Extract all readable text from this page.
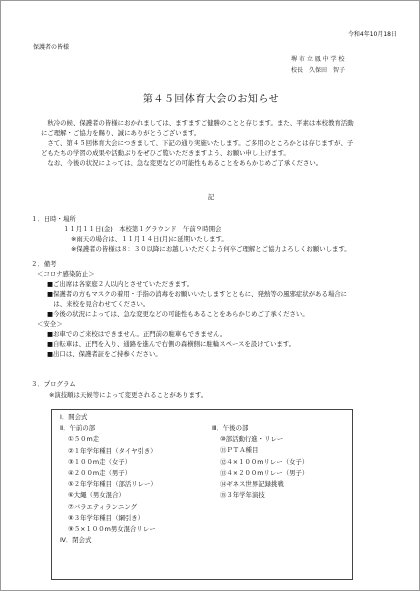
令和4年10月18日
保護者の皆様
堺 市 立 鳳 中 学 校
校長　久保田　智子
第４５回体育大会のお知らせ
　秋冷の候、保護者の皆様におかれましては、ますますご健勝のことと存じます。また、平素は本校教育活動
にご理解・ご協力を賜り、誠にありがとうございます。
　さて、第４５回体育大会につきまして、下記の通り実施いたします。ご多用のところかとは存じますが、子
どもたちの学習の成果や活動ぶりをぜひご覧いただきますよう、お願い申し上げます。
　なお、今後の状況によっては、急な変更などの可能性もあることをあらかじめご了承ください。
記
１．日時・場所
１１月１１日(金)　本校第１グラウンド　午前９時開会
※雨天の場合は、１１月１４日(月)に延期いたします。
※保護者の皆様は８：３０以降にお越しいただくよう何卒ご理解とご協力よろしくお願いします。
２．備考
＜コロナ感染防止＞
■ご出席は各家庭２人以内とさせていただきます。
■保護者の方もマスクの着用・手指の消毒をお願いいたしますとともに、発熱等の風邪症状がある場合に
　は、来校を見合わせてください。
■今後の状況によっては、急な変更などの可能性もあることをあらかじめご了承ください。
＜安全＞
■お車でのご来校はできません。正門前の駐車もできません。
■自転車は、正門を入り、通路を進んで右側の森横側に駐輪スペースを設けています。
■出口は、保護者証をご持参ください。
３．プログラム
※演技順は天候等によって変更されることがあります。
Ⅰ．開会式
Ⅱ．午前の部
①５０m走
②１年学年種目（タイヤ引き）
③１００m走（女子）
④２００m走（男子）
⑤２年学年種目（部活リレー）
⑥大繩（男女混合）
⑦バラエティランニング
⑧３年学年種目（綱引き）
⑨５×１００m男女混合リレー
Ⅳ．閉会式
Ⅲ．午後の部
⑩部活動行進・リレー
⑪ＰＴＡ種目
⑫４×１００mリレー（女子）
⑬４×２００mリレー（男子）
⑭ギネス世界記録挑戦
⑮３年学年演技
